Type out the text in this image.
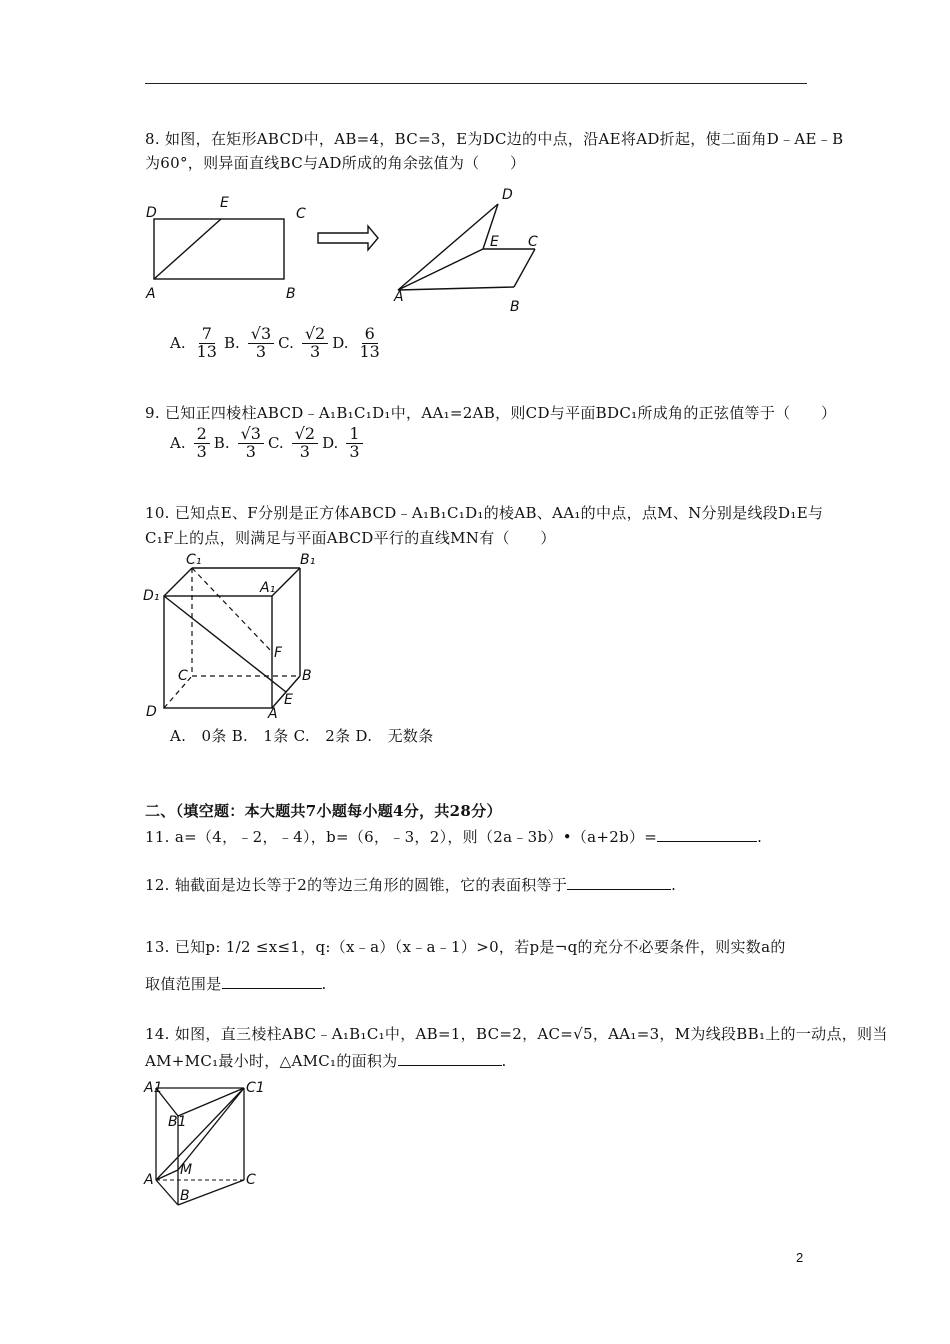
8. 如图，在矩形ABCD中，AB=4，BC=3，E为DC边的中点，沿AE将AD折起，使二面角D﹣AE﹣B
为60°，则异面直线BC与AD所成的角余弦值为（　　）
D
E
C
A	B
D
E C
A
B
A. $\frac{7}{13} B$. $\frac{√3}{3} C$. $\frac{√2}{3} D$. $\frac{6}{13}$
9. 已知正四棱柱ABCD﹣A₁B₁C₁D₁中，AA₁=2AB，则CD与平面BDC₁所成角的正弦值等于（　　）
A. $\frac{2}{3} B$. $\frac{√3}{3} C$. $\frac{√2}{3} D$. $\frac{1}{3}$
10. 已知点E、F分别是正方体ABCD﹣A₁B₁C₁D₁的棱AB、AA₁的中点，点M、N分别是线段D₁E与
C₁F上的点，则满足与平面ABCD平行的直线MN有（　　）
C₁	B₁
D₁	A₁
F
C	B
D	A
E
A.　0条 B.　1条 C.　2条 D.　无数条
二、（填空题：本大题共7小题每小题4分，共28分）
11. a=（4，﹣2，﹣4），b=（6，﹣3，2），则（2a﹣3b）•（a+2b）=	.
12. 轴截面是边长等于2的等边三角形的圆锥，它的表面积等于	.
13. 已知p: 1/2 ≤x≤1，q:（x﹣a）（x﹣a﹣1）>0，若p是¬q的充分不必要条件，则实数a的
取值范围是	.
14. 如图，直三棱柱ABC﹣A₁B₁C₁中，AB=1，BC=2，AC=√5，AA₁=3，M为线段BB₁上的一动点，则当
AM+MC₁最小时，△AMC₁的面积为	.
A1
B1
C1
M
A
B
C
2
